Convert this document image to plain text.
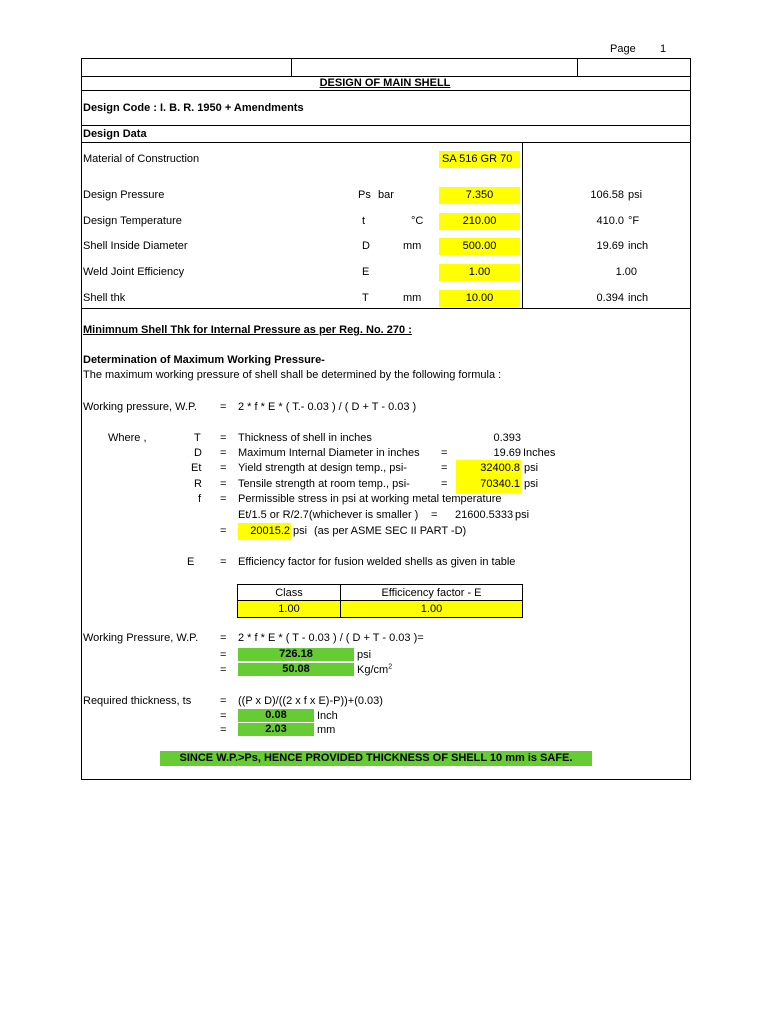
Page 1
DESIGN OF MAIN SHELL
Design Code : I. B. R. 1950 + Amendments
Design Data
Material of Construction	SA 516 GR 70
Design Pressure	Ps bar	7.350	106.58 psi
Design Temperature	t	°C	210.00	410.0 °F
Shell Inside Diameter	D	mm	500.00	19.69 inch
Weld Joint Efficiency	E	1.00	1.00
Shell thk	T	mm	10.00	0.394 inch
Minimnum Shell Thk for Internal Pressure as per Reg. No. 270 :
Determination of Maximum Working Pressure-
The maximum working pressure of shell shall be determined by the following formula :
Working pressure, W.P. = 2 * f * E * ( T.- 0.03 ) / ( D + T - 0.03 )
Where ,	T = Thickness of shell in inches	0.393
D = Maximum Internal Diameter in inches =	19.69 Inches
Et = Yield strength at design temp., psi-	=	32400.8 psi
R = Tensile strength at room temp., psi-	=	70340.1 psi
f = Permissible stress in psi at working metal temperature
Et/1.5 or R/2.7(whichever is smaller ) = 21600.5333 psi
=	20015.2 psi (as per ASME SEC II PART -D)
E = Efficiency factor for fusion welded shells as given in table
Class	Efficicency factor - E
1.00	1.00
Working Pressure, W.P. = 2 * f * E * ( T - 0.03 ) / ( D + T - 0.03 )=
=	726.18	psi
=	50.08	$Kg/cm^2$
Required thickness, ts	= ((P x D)/((2 x f x E)-P))+(0.03)
=	0.08	Inch
=	2.03	mm
SINCE W.P.>Ps, HENCE PROVIDED THICKNESS OF SHELL 10 mm is SAFE.
